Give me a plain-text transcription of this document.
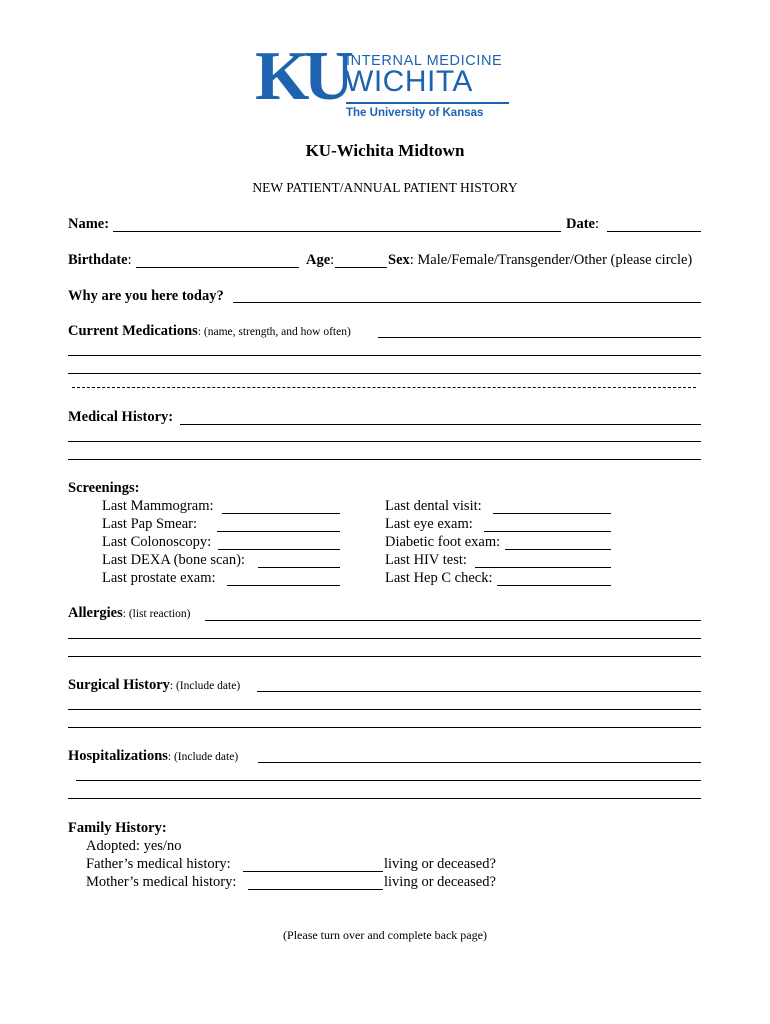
KU
INTERNAL MEDICINE
WICHITA
The University of Kansas
KU-Wichita Midtown
NEW PATIENT/ANNUAL PATIENT HISTORY
Name:	Date:
Birthdate:	Age:	Sex: Male/Female/Transgender/Other (please circle)
Why are you here today?
Current Medications: (name, strength, and how often)
Medical History:
Screenings:
Last Mammogram:
Last Pap Smear:
Last Colonoscopy:
Last DEXA (bone scan):
Last prostate exam:
Last dental visit:
Last eye exam:
Diabetic foot exam:
Last HIV test:
Last Hep C check:
Allergies: (list reaction)
Surgical History: (Include date)
Hospitalizations: (Include date)
Family History:
Adopted: yes/no
Father’s medical history:	living or deceased?
Mother’s medical history:	living or deceased?
(Please turn over and complete back page)
